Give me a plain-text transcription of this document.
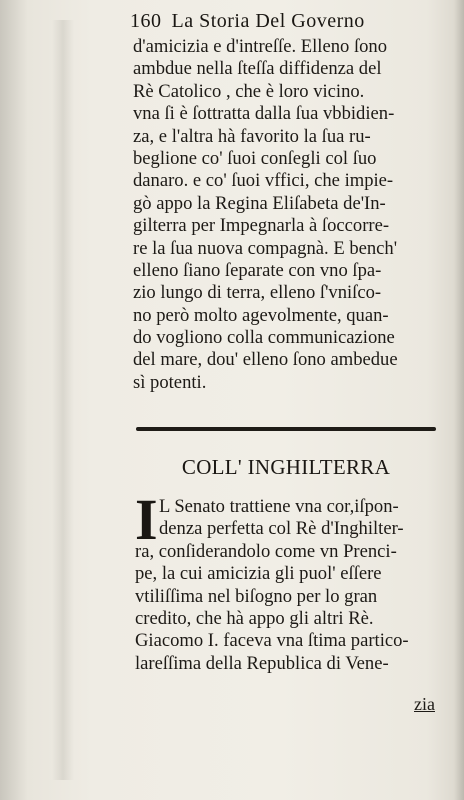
160 La Storia Del Governo
d'amicizia e d'intreſſe. Elleno ſono
ambdue nella ſteſſa diffidenza del
Rè Catolico , che è loro vicino.
vna ſi è ſottratta dalla ſua vbbidien-
za, e l'altra hà favorito la ſua ru-
beglione co' ſuoi conſegli col ſuo
danaro. e co' ſuoi vffici, che impie-
gò appo la Regina Eliſabeta de'In-
gilterra per Impegnarla à ſoccorre-
re la ſua nuova compagnà. E bench'
elleno ſiano ſeparate con vno ſpa-
zio lungo di terra, elleno ſ'vniſco-
no però molto agevolmente, quan-
do vogliono colla communicazione
del mare, dou' elleno ſono ambedue
sì potenti.
COLL' INGHILTERRA
I L Senato trattiene vna cor,iſpon-
denza perfetta col Rè d'Inghilter-
ra, conſiderandolo come vn Prenci-
pe, la cui amicizia gli puol' eſſere
vtiliſſima nel biſogno per lo gran
credito, che hà appo gli altri Rè.
Giacomo I. faceva vna ſtima partico-
lareſſima della Republica di Vene-
zia
